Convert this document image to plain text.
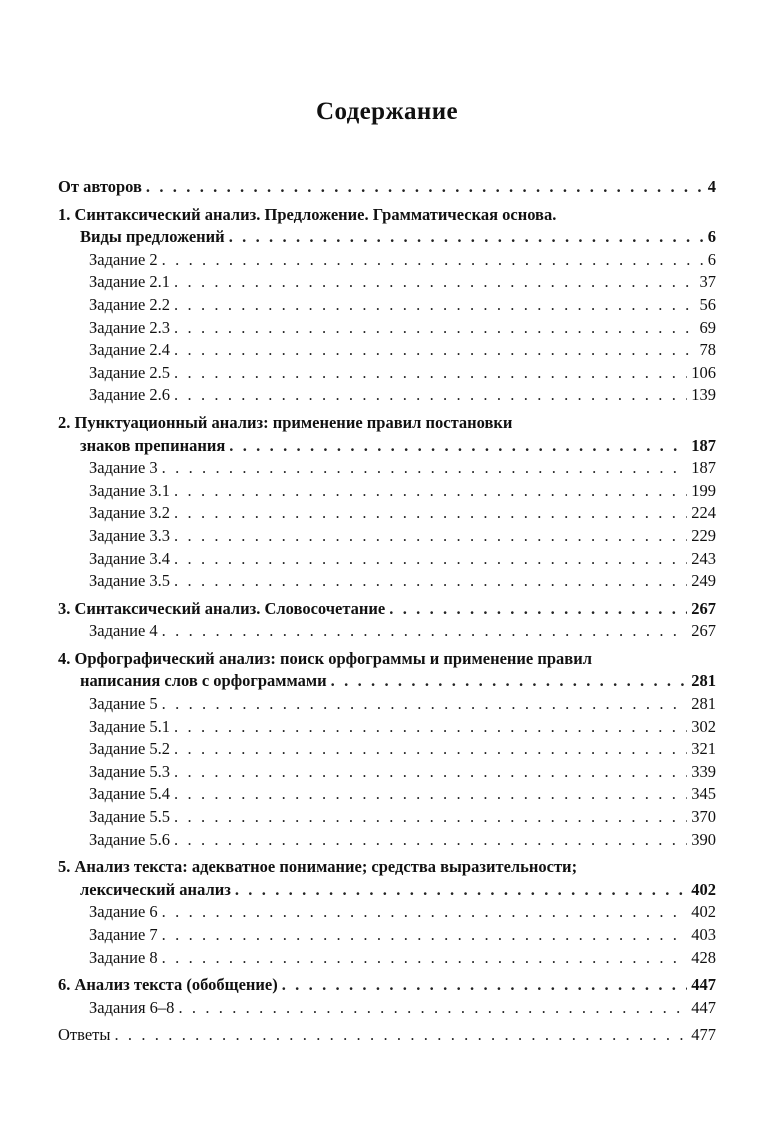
Содержание
От авторов . . .	4
1. Синтаксический анализ. Предложение. Грамматическая основа.
Виды предложений . . .	6
Задание 2 . . .	6
Задание 2.1 . . .	37
Задание 2.2 . . .	56
Задание 2.3 . . .	69
Задание 2.4 . . .	78
Задание 2.5 . . .	106
Задание 2.6 . . .	139
2. Пунктуационный анализ: применение правил постановки
знаков препинания . . .	187
Задание 3 . . .	187
Задание 3.1 . . .	199
Задание 3.2 . . .	224
Задание 3.3 . . .	229
Задание 3.4 . . .	243
Задание 3.5 . . .	249
3. Синтаксический анализ. Словосочетание . . .	267
Задание 4 . . .	267
4. Орфографический анализ: поиск орфограммы и применение правил
написания слов с орфограммами . . .	281
Задание 5 . . .	281
Задание 5.1 . . .	302
Задание 5.2 . . .	321
Задание 5.3 . . .	339
Задание 5.4 . . .	345
Задание 5.5 . . .	370
Задание 5.6 . . .	390
5. Анализ текста: адекватное понимание; средства выразительности;
лексический анализ . . .	402
Задание 6 . . .	402
Задание 7 . . .	403
Задание 8 . . .	428
6. Анализ текста (обобщение) . . .	447
Задания 6–8 . . .	447
Ответы . . .	477
